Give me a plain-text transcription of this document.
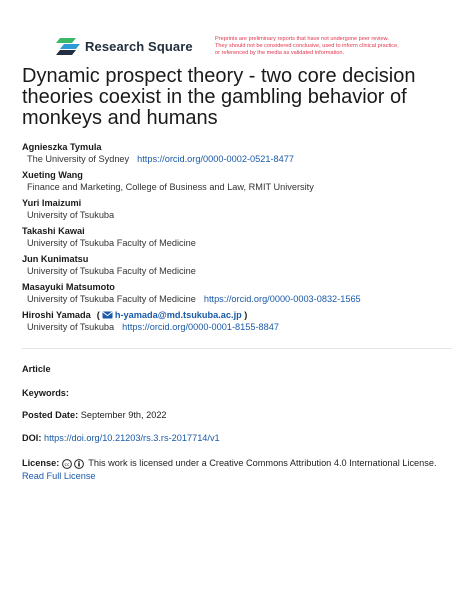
Research Square	Preprints are preliminary reports that have not undergone peer review.
They should not be considered conclusive, used to inform clinical practice,
or referenced by the media as validated information.
Dynamic prospect theory - two core decision theories coexist in the gambling behavior of monkeys and humans
Agnieszka Tymula
The University of Sydney https://orcid.org/0000-0002-0521-8477
Xueting Wang
Finance and Marketing, College of Business and Law, RMIT University
Yuri Imaizumi
University of Tsukuba
Takashi Kawai
University of Tsukuba Faculty of Medicine
Jun Kunimatsu
University of Tsukuba Faculty of Medicine
Masayuki Matsumoto
University of Tsukuba Faculty of Medicine https://orcid.org/0000-0003-0832-1565
Hiroshi Yamada ( h-yamada@md.tsukuba.ac.jp )
University of Tsukuba https://orcid.org/0000-0001-8155-8847
Article
Keywords:
Posted Date: September 9th, 2022
DOI: https://doi.org/10.21203/rs.3.rs-2017714/v1
License: cc This work is licensed under a Creative Commons Attribution 4.0 International License.
Read Full License
